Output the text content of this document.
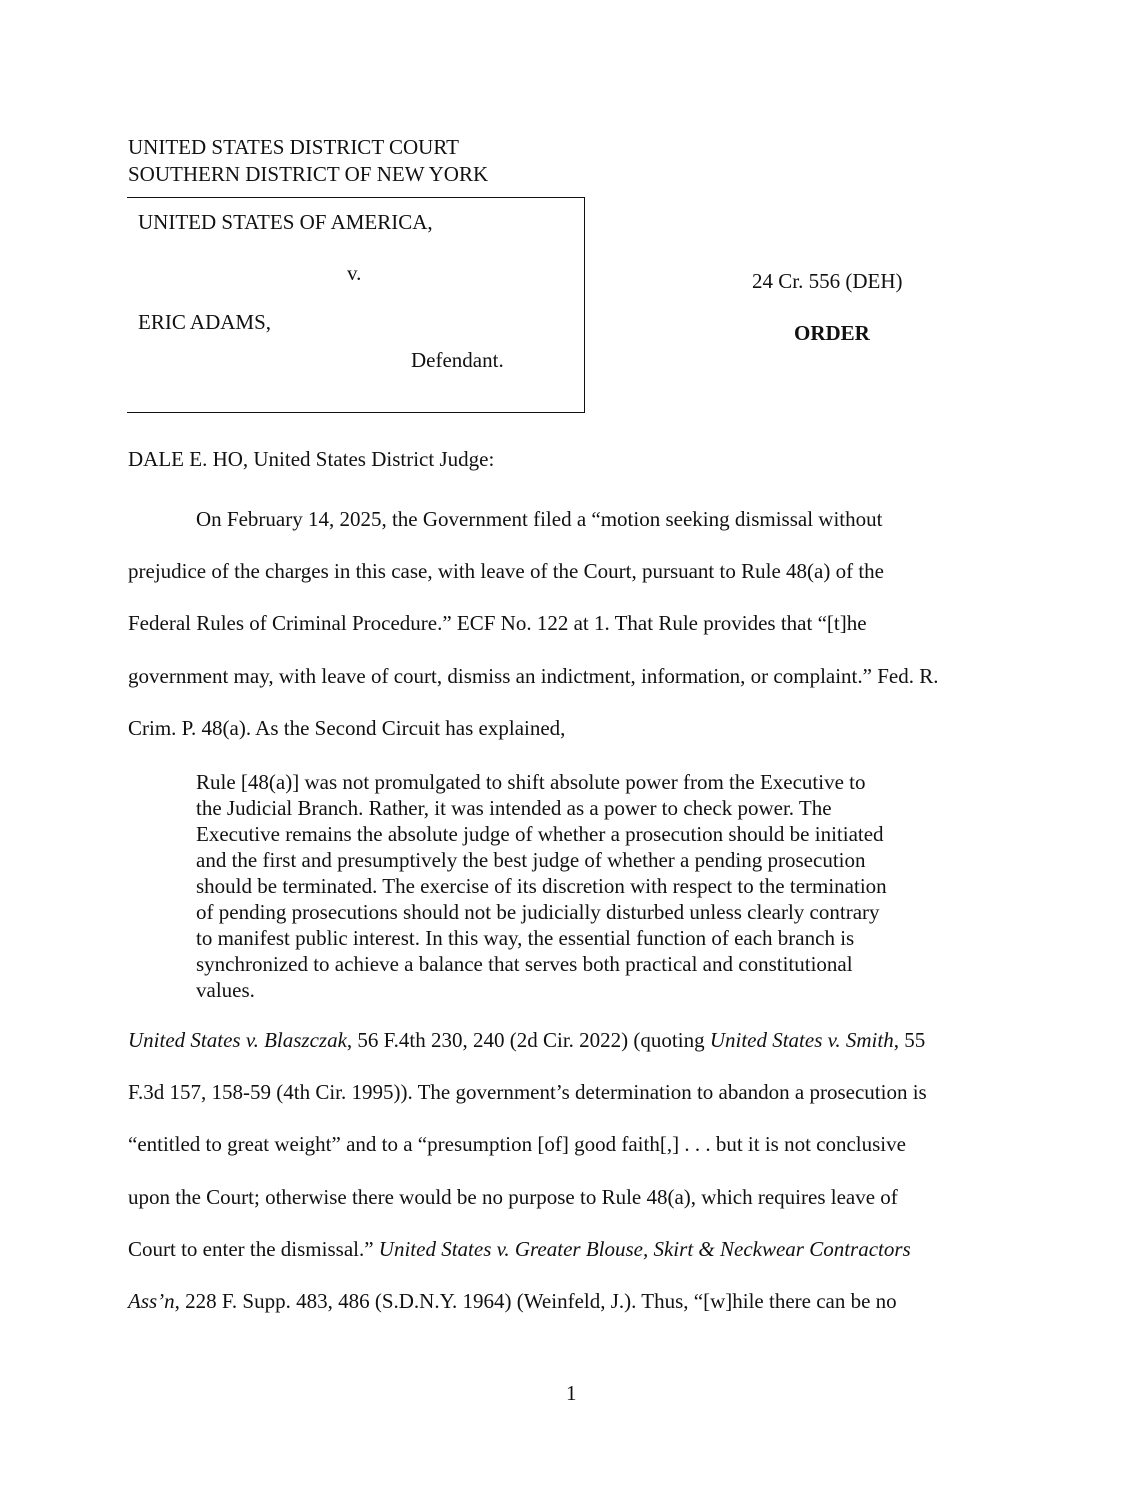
UNITED STATES DISTRICT COURT
SOUTHERN DISTRICT OF NEW YORK
UNITED STATES OF AMERICA,
v.
ERIC ADAMS,
Defendant.
24 Cr. 556 (DEH)
ORDER
DALE E. HO, United States District Judge:
On February 14, 2025, the Government filed a “motion seeking dismissal without
prejudice of the charges in this case, with leave of the Court, pursuant to Rule 48(a) of the
Federal Rules of Criminal Procedure.” ECF No. 122 at 1. That Rule provides that “[t]he
government may, with leave of court, dismiss an indictment, information, or complaint.” Fed. R.
Crim. P. 48(a). As the Second Circuit has explained,
Rule [48(a)] was not promulgated to shift absolute power from the Executive to
the Judicial Branch. Rather, it was intended as a power to check power. The
Executive remains the absolute judge of whether a prosecution should be initiated
and the first and presumptively the best judge of whether a pending prosecution
should be terminated. The exercise of its discretion with respect to the termination
of pending prosecutions should not be judicially disturbed unless clearly contrary
to manifest public interest. In this way, the essential function of each branch is
synchronized to achieve a balance that serves both practical and constitutional
values.
United States v. Blaszczak, 56 F.4th 230, 240 (2d Cir. 2022) (quoting United States v. Smith, 55
F.3d 157, 158-59 (4th Cir. 1995)). The government’s determination to abandon a prosecution is
“entitled to great weight” and to a “presumption [of] good faith[,] . . . but it is not conclusive
upon the Court; otherwise there would be no purpose to Rule 48(a), which requires leave of
Court to enter the dismissal.” United States v. Greater Blouse, Skirt & Neckwear Contractors
Ass’n, 228 F. Supp. 483, 486 (S.D.N.Y. 1964) (Weinfeld, J.). Thus, “[w]hile there can be no
1
